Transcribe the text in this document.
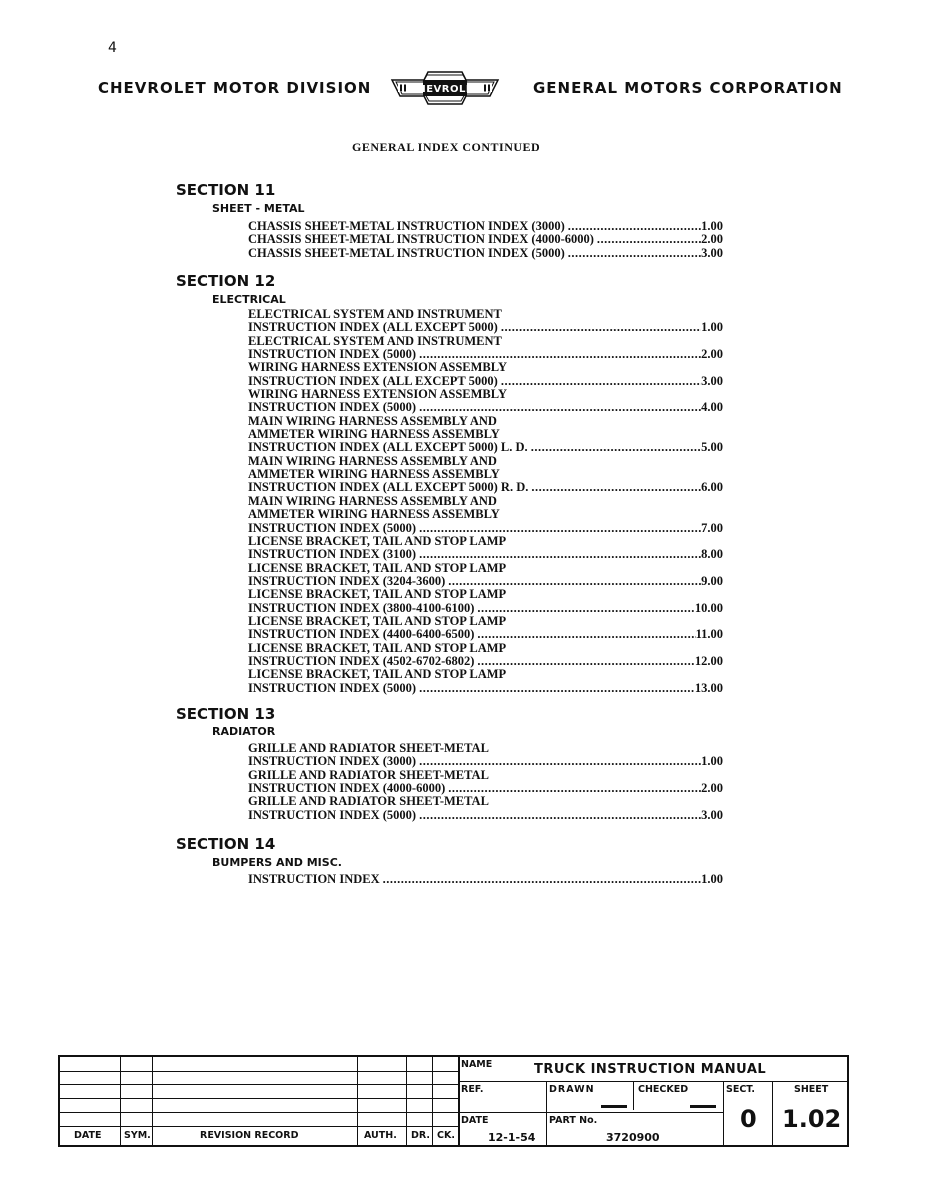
4
CHEVROLET MOTOR DIVISION	CHEVROLET	GENERAL MOTORS CORPORATION
GENERAL INDEX CONTINUED
SECTION 11
SHEET - METAL
CHASSIS SHEET-METAL INSTRUCTION INDEX (3000) .....	1.00
CHASSIS SHEET-METAL INSTRUCTION INDEX (4000-6000) .....	2.00
CHASSIS SHEET-METAL INSTRUCTION INDEX (5000) .....	3.00
SECTION 12
ELECTRICAL
ELECTRICAL SYSTEM AND INSTRUMENT
INSTRUCTION INDEX (ALL EXCEPT 5000) .....	1.00
ELECTRICAL SYSTEM AND INSTRUMENT
INSTRUCTION INDEX (5000) .....	2.00
WIRING HARNESS EXTENSION ASSEMBLY
INSTRUCTION INDEX (ALL EXCEPT 5000) .....	3.00
WIRING HARNESS EXTENSION ASSEMBLY
INSTRUCTION INDEX (5000) .....	4.00
MAIN WIRING HARNESS ASSEMBLY AND
AMMETER WIRING HARNESS ASSEMBLY
INSTRUCTION INDEX (ALL EXCEPT 5000) L. D. .....	5.00
MAIN WIRING HARNESS ASSEMBLY AND
AMMETER WIRING HARNESS ASSEMBLY
INSTRUCTION INDEX (ALL EXCEPT 5000) R. D. .....	6.00
MAIN WIRING HARNESS ASSEMBLY AND
AMMETER WIRING HARNESS ASSEMBLY
INSTRUCTION INDEX (5000) .....	7.00
LICENSE BRACKET, TAIL AND STOP LAMP
INSTRUCTION INDEX (3100) .....	8.00
LICENSE BRACKET, TAIL AND STOP LAMP
INSTRUCTION INDEX (3204-3600) .....	9.00
LICENSE BRACKET, TAIL AND STOP LAMP
INSTRUCTION INDEX (3800-4100-6100) .....	10.00
LICENSE BRACKET, TAIL AND STOP LAMP
INSTRUCTION INDEX (4400-6400-6500) .....	11.00
LICENSE BRACKET, TAIL AND STOP LAMP
INSTRUCTION INDEX (4502-6702-6802) .....	12.00
LICENSE BRACKET, TAIL AND STOP LAMP
INSTRUCTION INDEX (5000) .....	13.00
SECTION 13
RADIATOR
GRILLE AND RADIATOR SHEET-METAL
INSTRUCTION INDEX (3000) .....	1.00
GRILLE AND RADIATOR SHEET-METAL
INSTRUCTION INDEX (4000-6000) .....	2.00
GRILLE AND RADIATOR SHEET-METAL
INSTRUCTION INDEX (5000) .....	3.00
SECTION 14
BUMPERS AND MISC.
INSTRUCTION INDEX .....	1.00
DATE SYM.	REVISION RECORD	AUTH. DR. CK.
NAME	TRUCK INSTRUCTION MANUAL
REF.	DRAWN	CHECKED	SECT.
0
SHEET
1.02
DATE
12-1-54
PART No.
3720900
